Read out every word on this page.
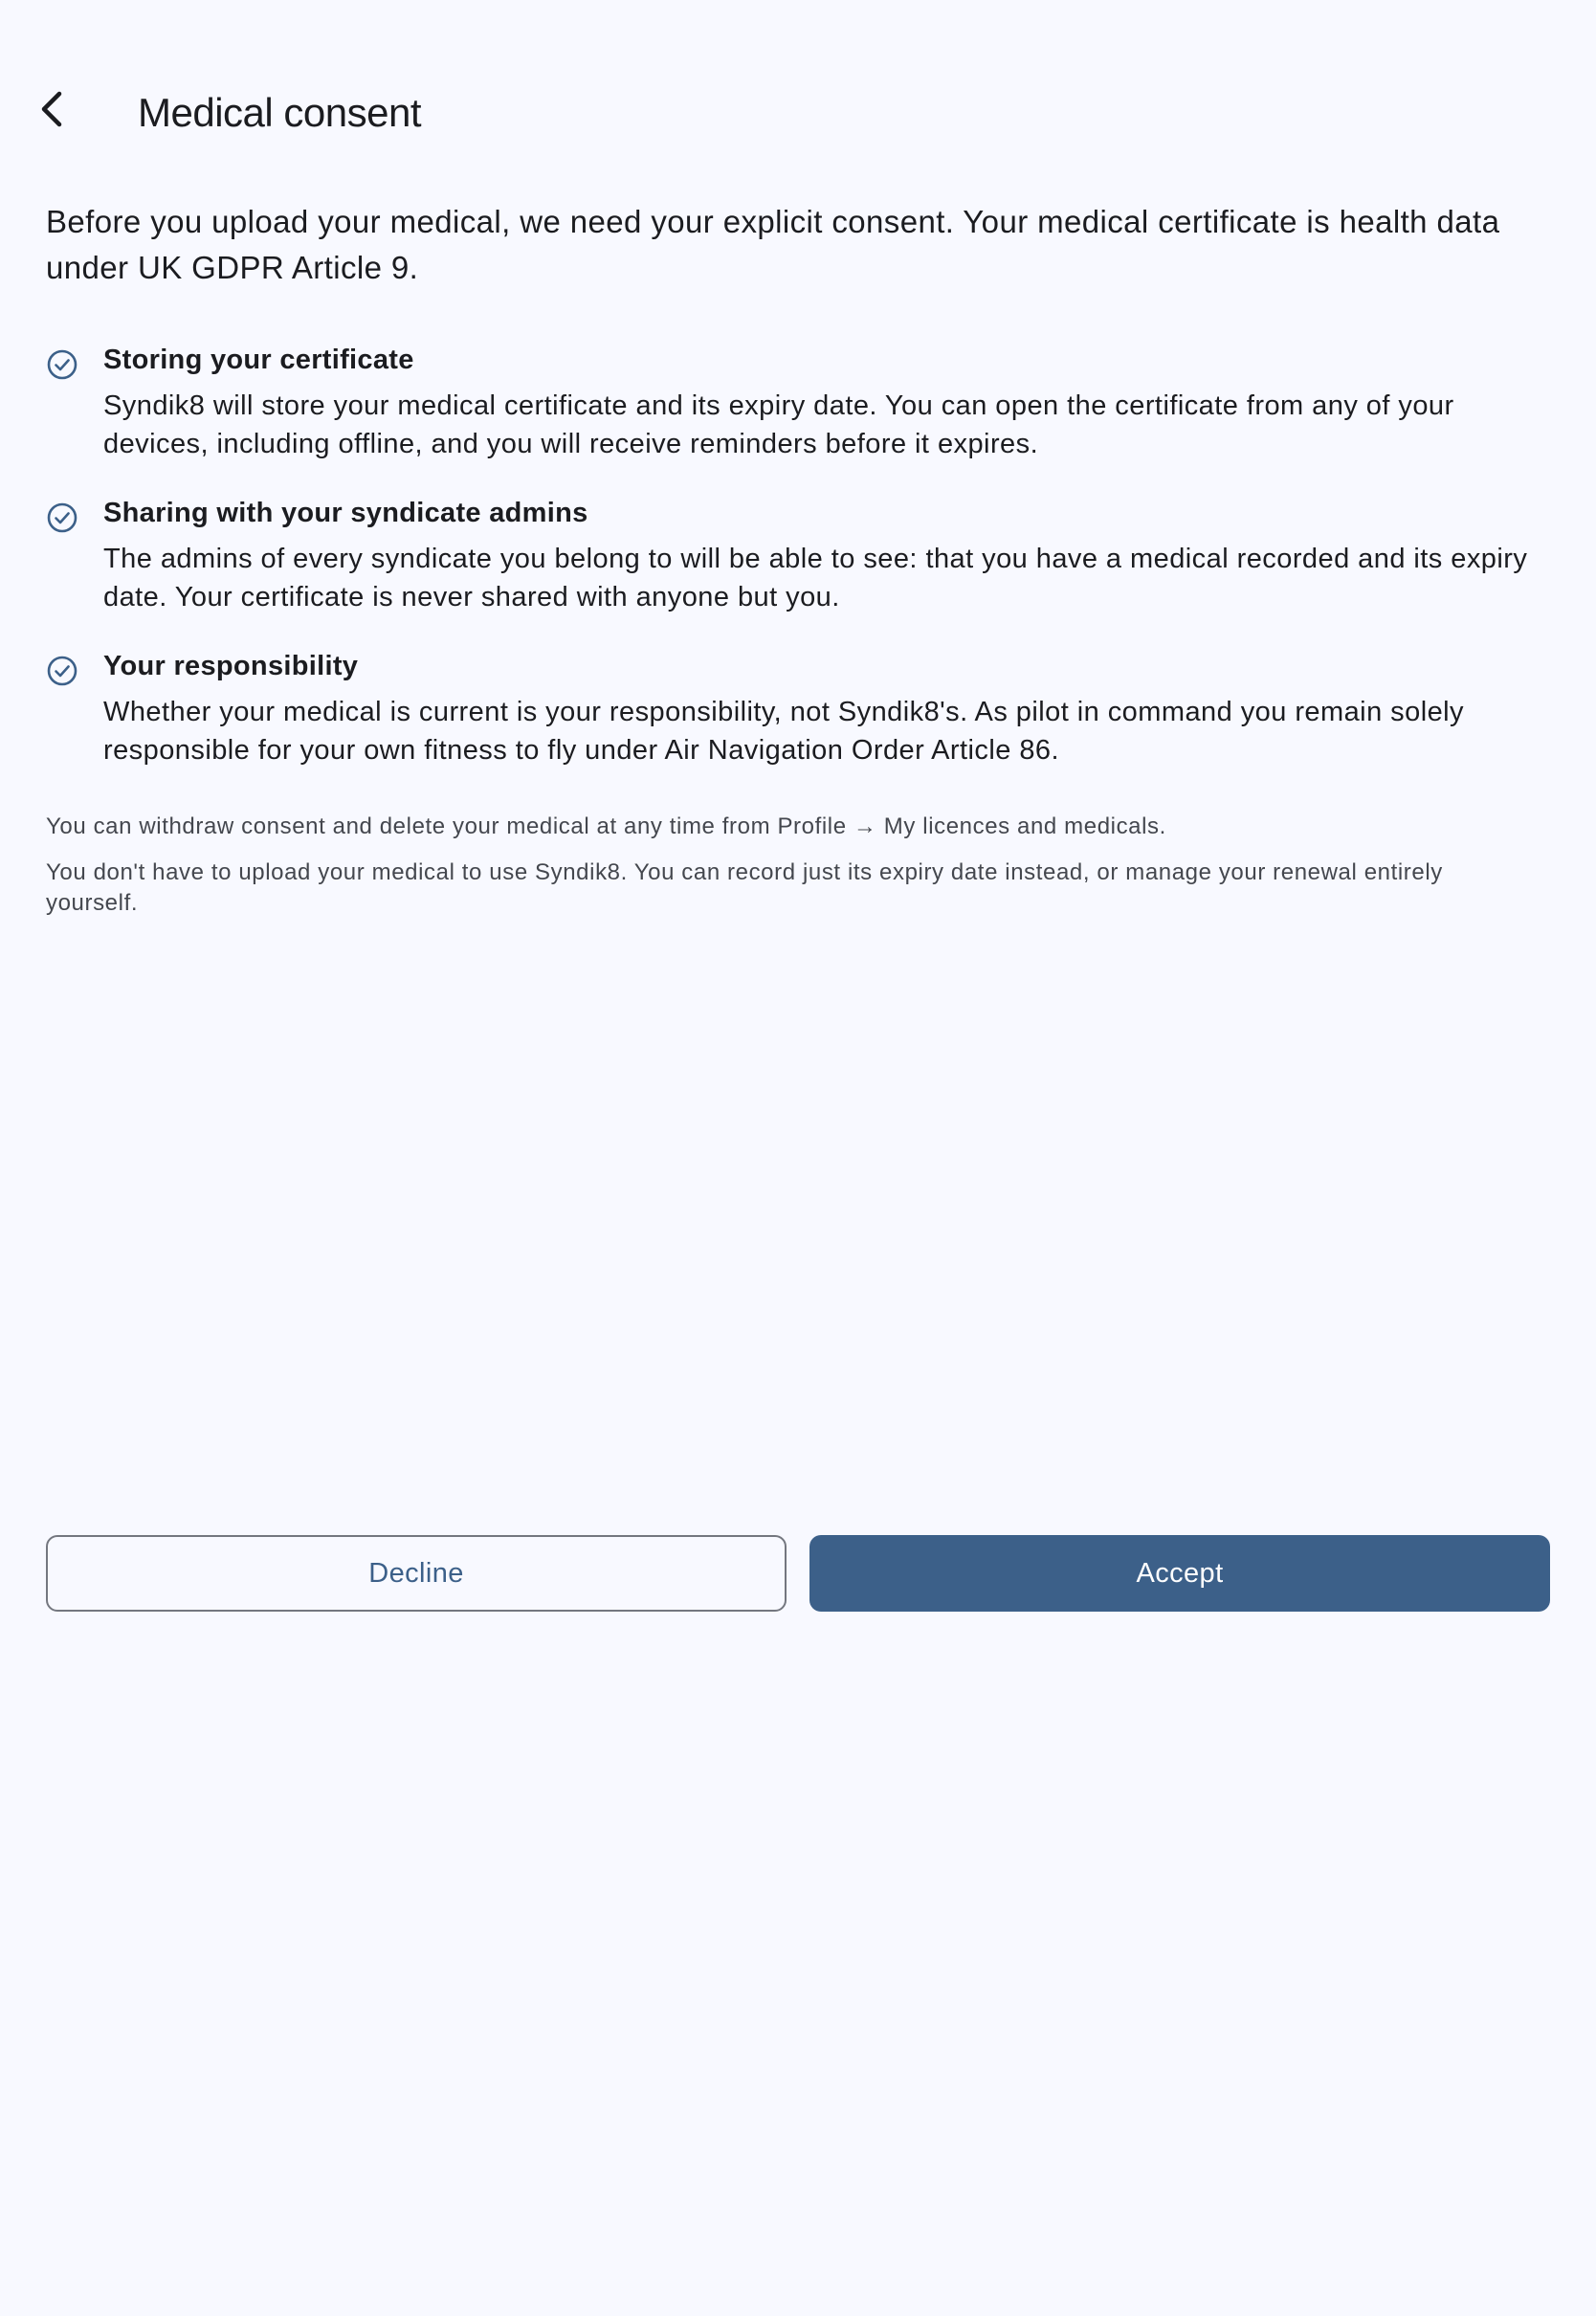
Medical consent

Before you upload your medical, we need your explicit consent. Your medical certificate is health data under UK GDPR Article 9.

Storing your certificate

Syndik8 will store your medical certificate and its expiry date. You can open the certificate from any of your devices, including offline, and you will receive reminders before it expires.

Sharing with your syndicate admins

The admins of every syndicate you belong to will be able to see: that you have a medical recorded and its expiry date. Your certificate is never shared with anyone but you.

Your responsibility

Whether your medical is current is your responsibility, not Syndik8's. As pilot in command you remain solely responsible for your own fitness to fly under Air Navigation Order Article 86.

You can withdraw consent and delete your medical at any time from Profile → My licences and medicals.

You don't have to upload your medical to use Syndik8. You can record just its expiry date instead, or manage your renewal entirely yourself.

Decline	Accept
